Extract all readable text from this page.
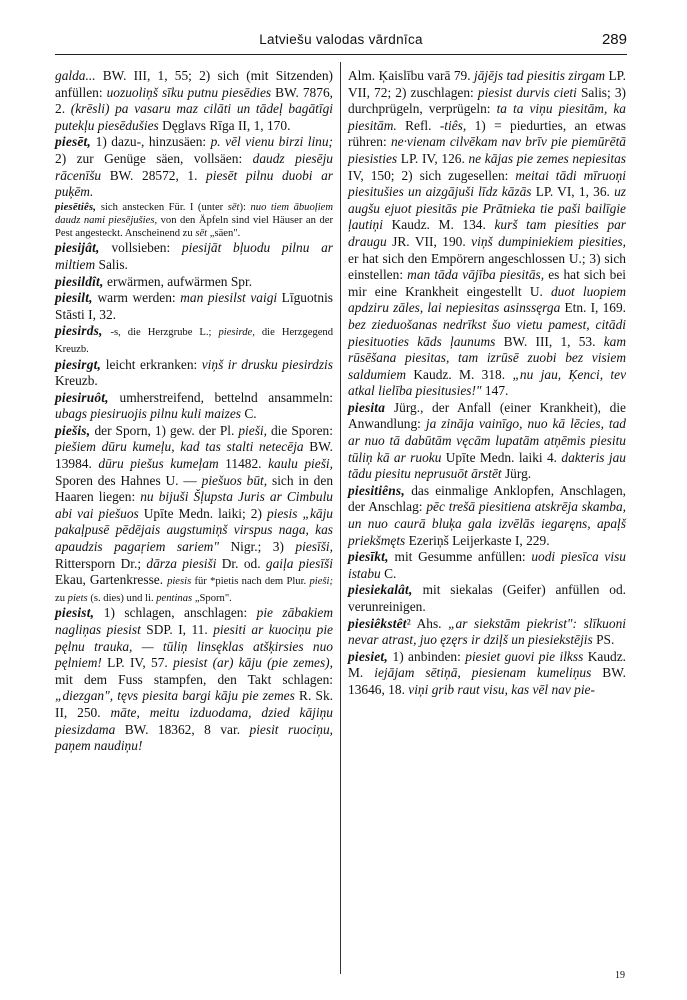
Latviešu valodas vārdnīca	289

galda... BW. III, 1, 55; 2) sich (mit Sitzenden) anfüllen: uozuoliņš sīku putnu piesēdies BW. 7876, 2. (krēsli) pa vasaru maz cilāti un tādeļ bagātīgi putekļu piesēdušies Dęglavs Rīga II, 1, 170.

piesēt, 1) dazu-, hinzusäen: p. vēl vienu birzi linu; 2) zur Genüge säen, vollsäen: daudz piesēju rācenīšu BW. 28572, 1. piesēt pilnu duobi ar puķēm.

piesētiês, sich anstecken Für. I (unter sēt): nuo tiem ābuoļiem daudz nami piesējušies, von den Äpfeln sind viel Häuser an der Pest angesteckt. Anscheinend zu sēt „säen".

piesijât, vollsieben: piesijāt bļuodu pilnu ar miltiem Salis.

piesildît, erwärmen, aufwärmen Spr.

piesilt, warm werden: man piesilst vaigi Līguotnis Stāsti I, 32.

piesirds, -s, die Herzgrube L.; piesirde, die Herzgegend Kreuzb.

piesirgt, leicht erkranken: viņš ir drusku piesirdzis Kreuzb.

piesiruôt, umherstreifend, bettelnd ansammeln: ubags piesiruojis pilnu kuli maizes C.

piešis, der Sporn, 1) gew. der Pl. pieši, die Sporen: piešiem dūru kumeļu, kad tas stalti netecēja BW. 13984. dūru piešus kumeļam 11482. kaulu pieši, Sporen des Hahnes U. — piešuos būt, sich in den Haaren liegen: nu bijuši Šļupsta Juris ar Cimbulu abi vai piešuos Upīte Medn. laiki; 2) piesis „kāju pakaļpusē pēdējais augstumiņš virspus naga, kas apaudzis pagaŗiem sariem" Nigr.; 3) piesīši, Rittersporn Dr.; dārza piesiši Dr. od. gaiļa piesīši Ekau, Gartenkresse. piesis für *pietis nach dem Plur. pieši; zu piets (s. dies) und li. pentinas „Sporn".

piesist, 1) schlagen, anschlagen: pie zābakiem nagliņas piesist SDP. I, 11. piesiti ar kuociņu pie pęlnu trauka, — tūliņ linsęklas atšķirsies nuo pęlniem! LP. IV, 57. piesist (ar) kāju (pie zemes), mit dem Fuss stampfen, den Takt schlagen: „diezgan", tęvs piesita bargi kāju pie zemes R. Sk. II, 250. māte, meitu izduodama, dzied kājiņu piesizdama BW. 18362, 8 var. piesit ruociņu, paņem naudiņu!

Alm. Ķaislību varā 79. jājējs tad piesitis zirgam LP. VII, 72; 2) zuschlagen: piesist durvis cieti Salis; 3) durchprügeln, verprügeln: ta ta viņu piesitām, ka piesitām. Refl. -tiês, 1) = piedurties, an etwas rühren: ne·vienam cilvēkam nav brīv pie piemūrētā piesisties LP. IV, 126. ne kājas pie zemes nepiesitas IV, 150; 2) sich zugesellen: meitai tādi mīruoņi piesitušies un aizgājuši līdz kāzās LP. VI, 1, 36. uz augšu ejuot piesitās pie Prātnieka tie paši bailīgie ļautiņi Kaudz. M. 134. kurš tam piesities par draugu JR. VII, 190. viņš dumpiniekiem piesities, er hat sich den Empörern angeschlossen U.; 3) sich einstellen: man tāda vājība piesitās, es hat sich bei mir eine Krankheit eingestellt U. duot luopiem apdziru zāles, lai nepiesitas asinssęrga Etn. I, 169. bez zieduošanas nedrīkst šuo vietu pamest, citādi piesituoties kāds ļaunums BW. III, 1, 53. kam rūsēšana piesitas, tam izrūsē zuobi bez visiem saldumiem Kaudz. M. 318. „nu jau, Ķenci, tev atkal lielība piesitusies!" 147.

piesita Jürg., der Anfall (einer Krankheit), die Anwandlung: ja zināja vainīgo, nuo kā lēcies, tad ar nuo tā dabūtām vęcām lupatām atņēmis piesitu tūliņ kā ar ruoku Upīte Medn. laiki 4. dakteris jau tādu piesitu neprusuōt ārstēt Jürg.

piesitiêns, das einmalige Anklopfen, Anschlagen, der Anschlag: pēc trešā piesitiena atskrēja skamba, un nuo caurā bluķa gala izvēlās iegaręns, apaļš priekšmęts Ezeriņš Leijerkaste I, 229.

piesīkt, mit Gesumme anfüllen: uodi piesīca visu istabu C.

piesiekalât, mit siekalas (Geifer) anfüllen od. verunreinigen.

piesiêkstêt² Ahs. „ar siekstām piekrist": slīkuoni nevar atrast, juo ęzęrs ir dziļš un piesiekstējis PS.

piesiet, 1) anbinden: piesiet guovi pie ilkss Kaudz. M. iejājam sētiņā, piesienam kumeliņus BW. 13646, 18. viņi grib raut visu, kas vēl nav pie-

19
